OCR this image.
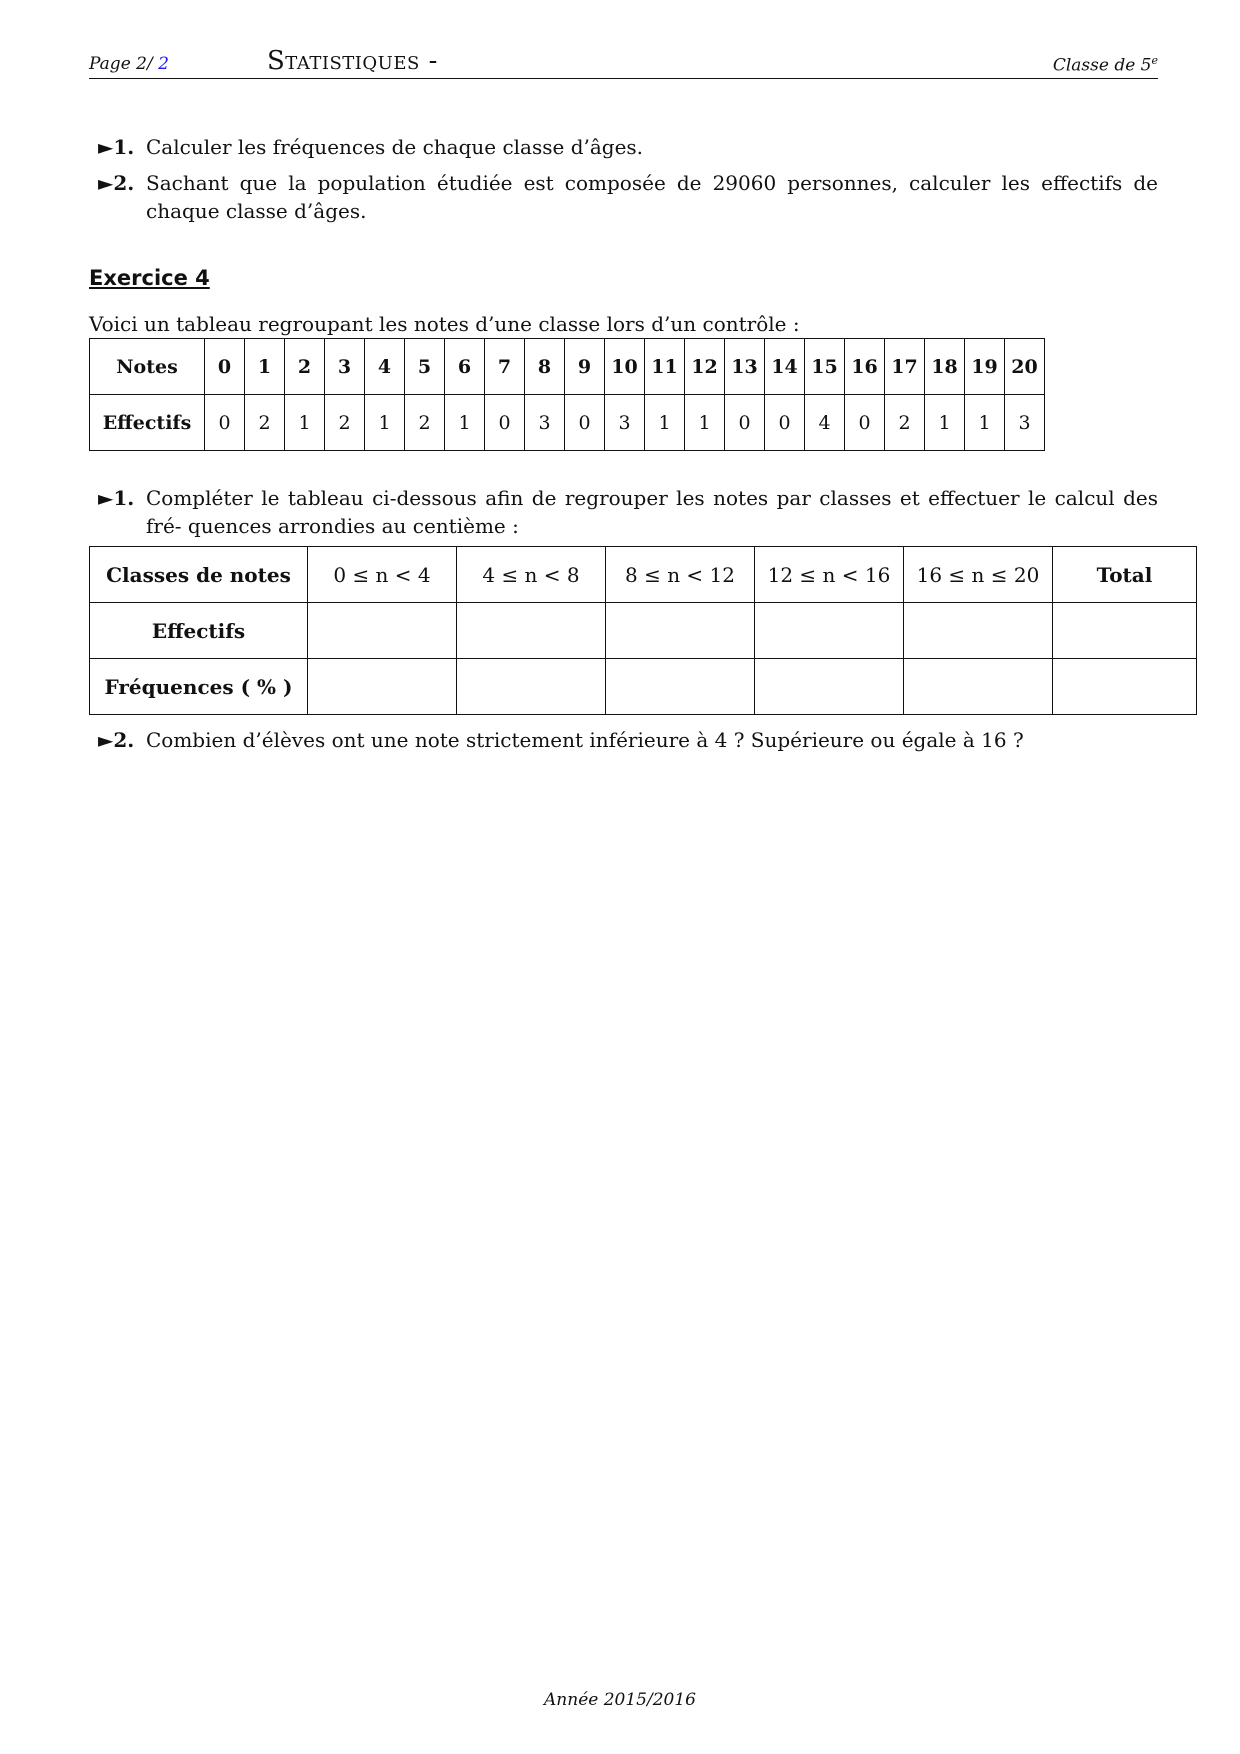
Page 2/ 2	Statistiques -	Classe de 5e
►1. Calculer les fréquences de chaque classe d’âges.
►2. Sachant que la population étudiée est composée de 29060 personnes, calculer les effectifs de chaque classe d’âges.
Exercice 4
Voici un tableau regroupant les notes d’une classe lors d’un contrôle :
Notes	0	1	2	3	4	5	6	7	8	9	10	11	12	13	14	15	16	17	18	19	20
Effectifs	0	2	1	2	1	2	1	0	3	0	3	1	1	0	0	4	0	2	1	1	3
►1. Compléter le tableau ci-dessous afin de regrouper les notes par classes et effectuer le calcul des fré- quences arrondies au centième :
Classes de notes	0 ≤ n < 4	4 ≤ n < 8	8 ≤ n < 12	12 ≤ n < 16	16 ≤ n ≤ 20	Total
Effectifs						
Fréquences ( % )						
►2. Combien d’élèves ont une note strictement inférieure à 4 ? Supérieure ou égale à 16 ?
Année 2015/2016
